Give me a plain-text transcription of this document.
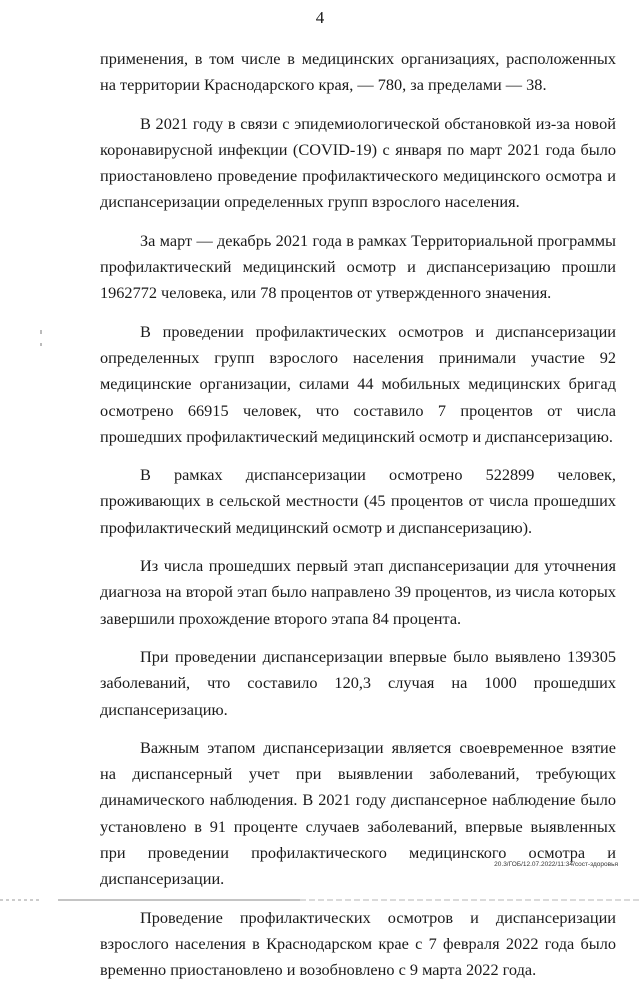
4

применения, в том числе в медицинских организациях, расположенных на территории Краснодарского края, — 780, за пределами — 38.

В 2021 году в связи с эпидемиологической обстановкой из-за новой коронавирусной инфекции (COVID-19) с января по март 2021 года было приостановлено проведение профилактического медицинского осмотра и диспансеризации определенных групп взрослого населения.

За март — декабрь 2021 года в рамках Территориальной программы профилактический медицинский осмотр и диспансеризацию прошли 1962772 человека, или 78 процентов от утвержденного значения.

В проведении профилактических осмотров и диспансеризации определенных групп взрослого населения принимали участие 92 медицинские организации, силами 44 мобильных медицинских бригад осмотрено 66915 человек, что составило 7 процентов от числа прошедших профилактический медицинский осмотр и диспансеризацию.

В рамках диспансеризации осмотрено 522899 человек, проживающих в сельской местности (45 процентов от числа прошедших профилактический медицинский осмотр и диспансеризацию).

Из числа прошедших первый этап диспансеризации для уточнения диагноза на второй этап было направлено 39 процентов, из числа которых завершили прохождение второго этапа 84 процента.

При проведении диспансеризации впервые было выявлено 139305 заболеваний, что составило 120,3 случая на 1000 прошедших диспансеризацию.

Важным этапом диспансеризации является своевременное взятие на диспансерный учет при выявлении заболеваний, требующих динамического наблюдения. В 2021 году диспансерное наблюдение было установлено в 91 проценте случаев заболеваний, впервые выявленных при проведении профилактического медицинского осмотра и диспансеризации.

Проведение профилактических осмотров и диспансеризации взрослого населения в Краснодарском крае с 7 февраля 2022 года было временно приостановлено и возобновлено с 9 марта 2022 года.

20.3/ГОБ/12.07.2022/11:34/сост-здоровья
